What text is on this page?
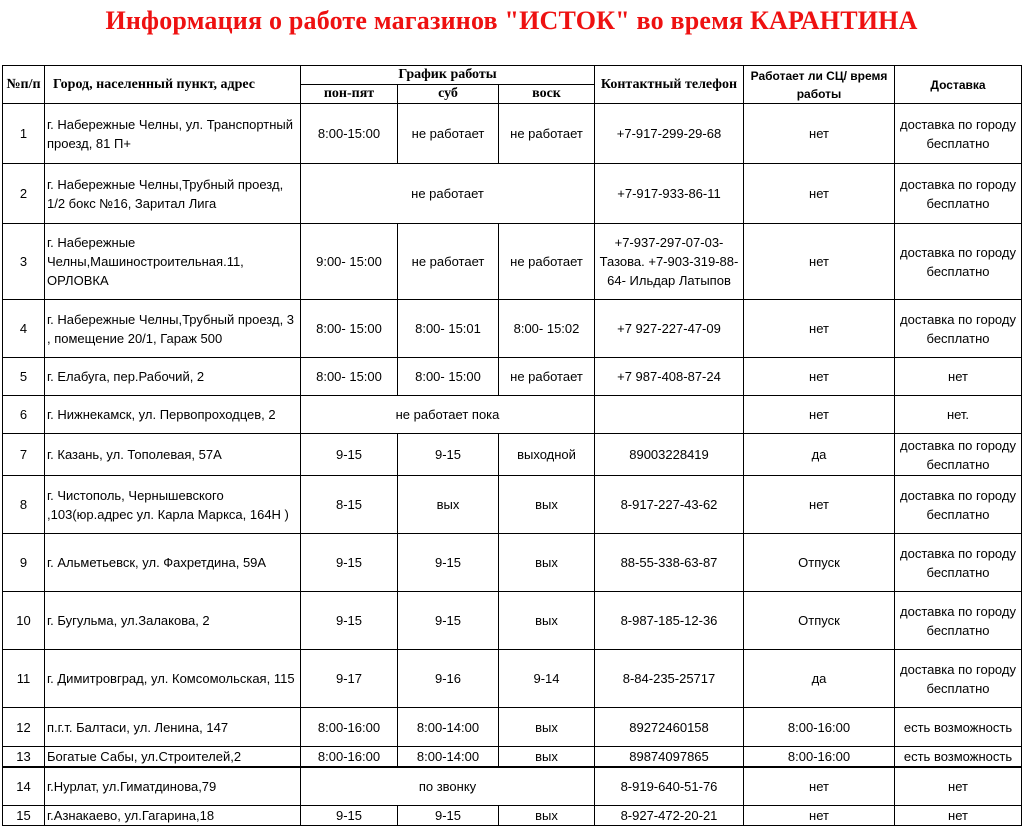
Информация о работе магазинов "ИСТОК" во время КАРАНТИНА
№п/п	Город, населенный пункт, адрес	График работы			Контактный телефон	Работает ли СЦ/ время работы	Доставка
		пон-пят	суб	воск			
1	г. Набережные Челны, ул. Транспортный проезд, 81 П+	8:00-15:00	не работает	не работает	+7-917-299-29-68	нет	доставка по городу бесплатно
2	г. Набережные Челны,Трубный проезд, 1/2 бокс №16, Заритал Лига	не работает			+7-917-933-86-11	нет	доставка по городу бесплатно
3	г. Набережные Челны,Машиностроительная.11, ОРЛОВКА	9:00- 15:00	не работает	не работает	+7-937-297-07-03-Тазова. +7-903-319-88-64- Ильдар Латыпов	нет	доставка по городу бесплатно
4	г. Набережные Челны,Трубный проезд, 3 , помещение 20/1, Гараж 500	8:00- 15:00	8:00- 15:01	8:00- 15:02	+7 927-227-47-09	нет	доставка по городу бесплатно
5	г. Елабуга, пер.Рабочий, 2	8:00- 15:00	8:00- 15:00	не работает	+7 987-408-87-24	нет	нет
6	г. Нижнекамск, ул. Первопроходцев, 2	не работает пока				нет	нет.
7	г. Казань, ул. Тополевая, 57А	9-15	9-15	выходной	89003228419	да	доставка по городу бесплатно
8	г. Чистополь, Чернышевского ,103(юр.адрес ул. Карла Маркса, 164Н )	8-15	вых	вых	8-917-227-43-62	нет	доставка по городу бесплатно
9	г. Альметьевск, ул. Фахретдина, 59А	9-15	9-15	вых	88-55-338-63-87	Отпуск	доставка по городу бесплатно
10	г. Бугульма, ул.Залакова, 2	9-15	9-15	вых	8-987-185-12-36	Отпуск	доставка по городу бесплатно
11	г. Димитровград, ул. Комсомольская, 115	9-17	9-16	9-14	8-84-235-25717	да	доставка по городу бесплатно
12	п.г.т. Балтаси, ул. Ленина, 147	8:00-16:00	8:00-14:00	вых	89272460158	8:00-16:00	есть возможность
13	Богатые Сабы, ул.Строителей,2	8:00-16:00	8:00-14:00	вых	89874097865	8:00-16:00	есть возможность
14	г.Нурлат, ул.Гиматдинова,79	по звонку			8-919-640-51-76	нет	нет
15	г.Азнакаево, ул.Гагарина,18	9-15	9-15	вых	8-927-472-20-21	нет	нет
